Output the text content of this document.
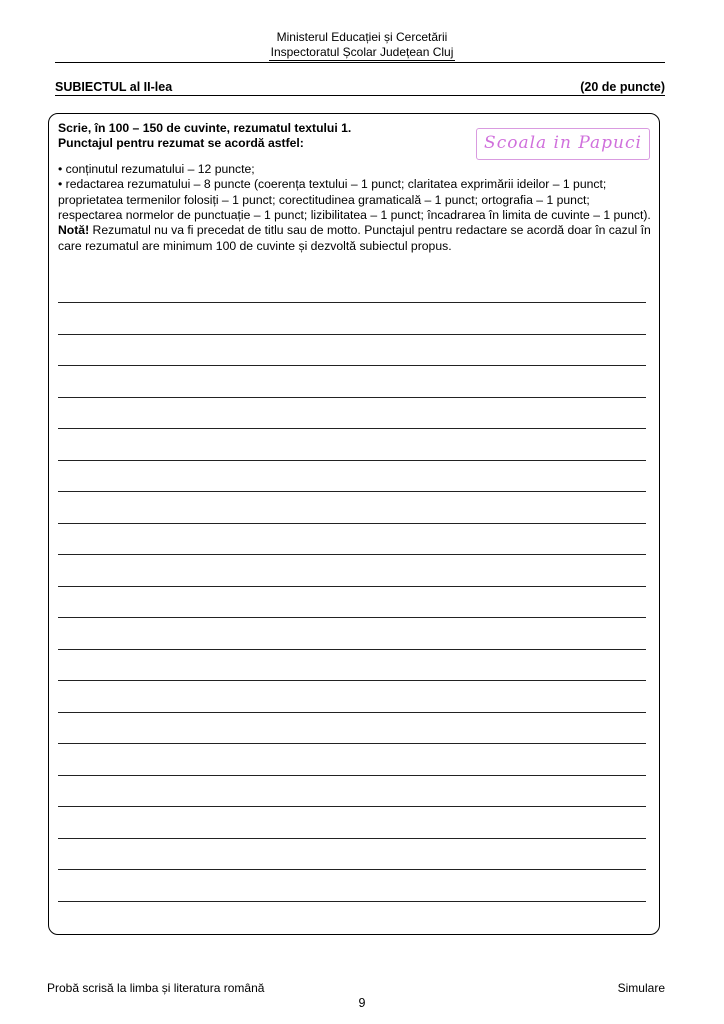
Ministerul Educației și Cercetării
Inspectoratul Școlar Județean Cluj
SUBIECTUL al II-lea	(20 de puncte)
Scoala in Papuci

Scrie, în 100 – 150 de cuvinte, rezumatul textului 1.

Punctajul pentru rezumat se acordă astfel:

• conținutul rezumatului – 12 puncte;

• redactarea rezumatului – 8 puncte (coerența textului – 1 punct; claritatea exprimării ideilor – 1 punct; proprietatea termenilor folosiți – 1 punct; corectitudinea gramaticală – 1 punct; ortografia – 1 punct; respectarea normelor de punctuație – 1 punct; lizibilitatea – 1 punct; încadrarea în limita de cuvinte – 1 punct).

Notă! Rezumatul nu va fi precedat de titlu sau de motto. Punctajul pentru redactare se acordă doar în cazul în care rezumatul are minimum 100 de cuvinte și dezvoltă subiectul propus.

Probă scrisă la limba și literatura română	Simulare
9
